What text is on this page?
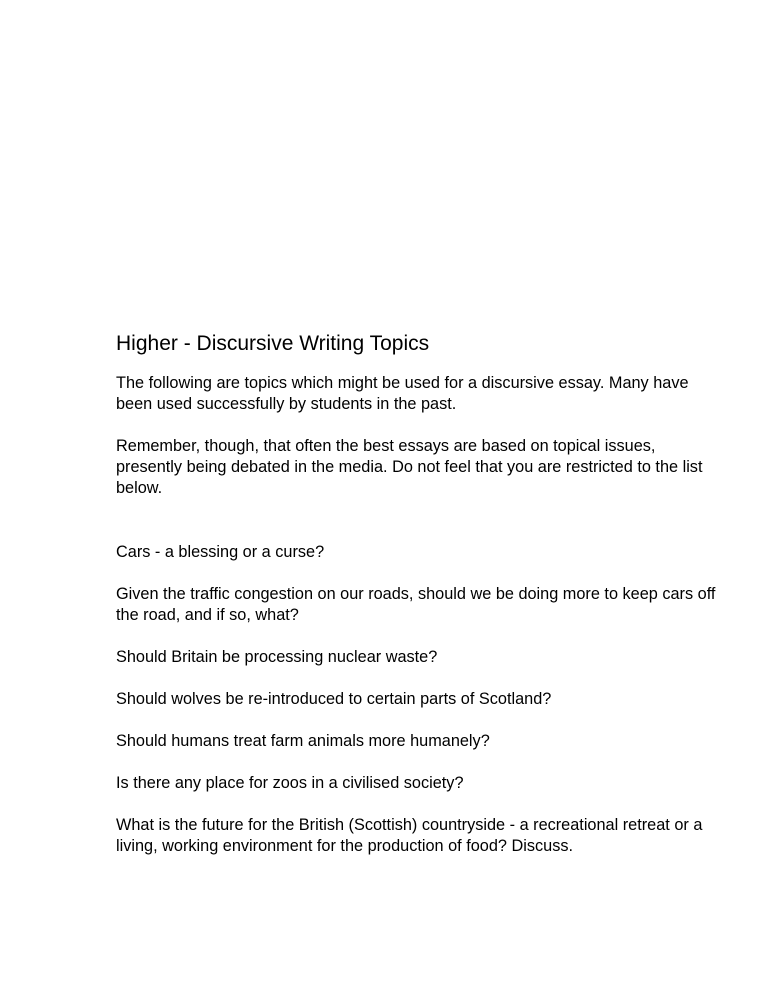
Higher - Discursive Writing Topics

The following are topics which might be used for a discursive essay. Many have been used successfully by students in the past.

Remember, though, that often the best essays are based on topical issues, presently being debated in the media. Do not feel that you are restricted to the list below.

Cars - a blessing or a curse?
Given the traffic congestion on our roads, should we be doing more to keep cars off the road, and if so, what?
Should Britain be processing nuclear waste?
Should wolves be re-introduced to certain parts of Scotland?
Should humans treat farm animals more humanely?
Is there any place for zoos in a civilised society?
What is the future for the British (Scottish) countryside - a recreational retreat or a living, working environment for the production of food? Discuss.
